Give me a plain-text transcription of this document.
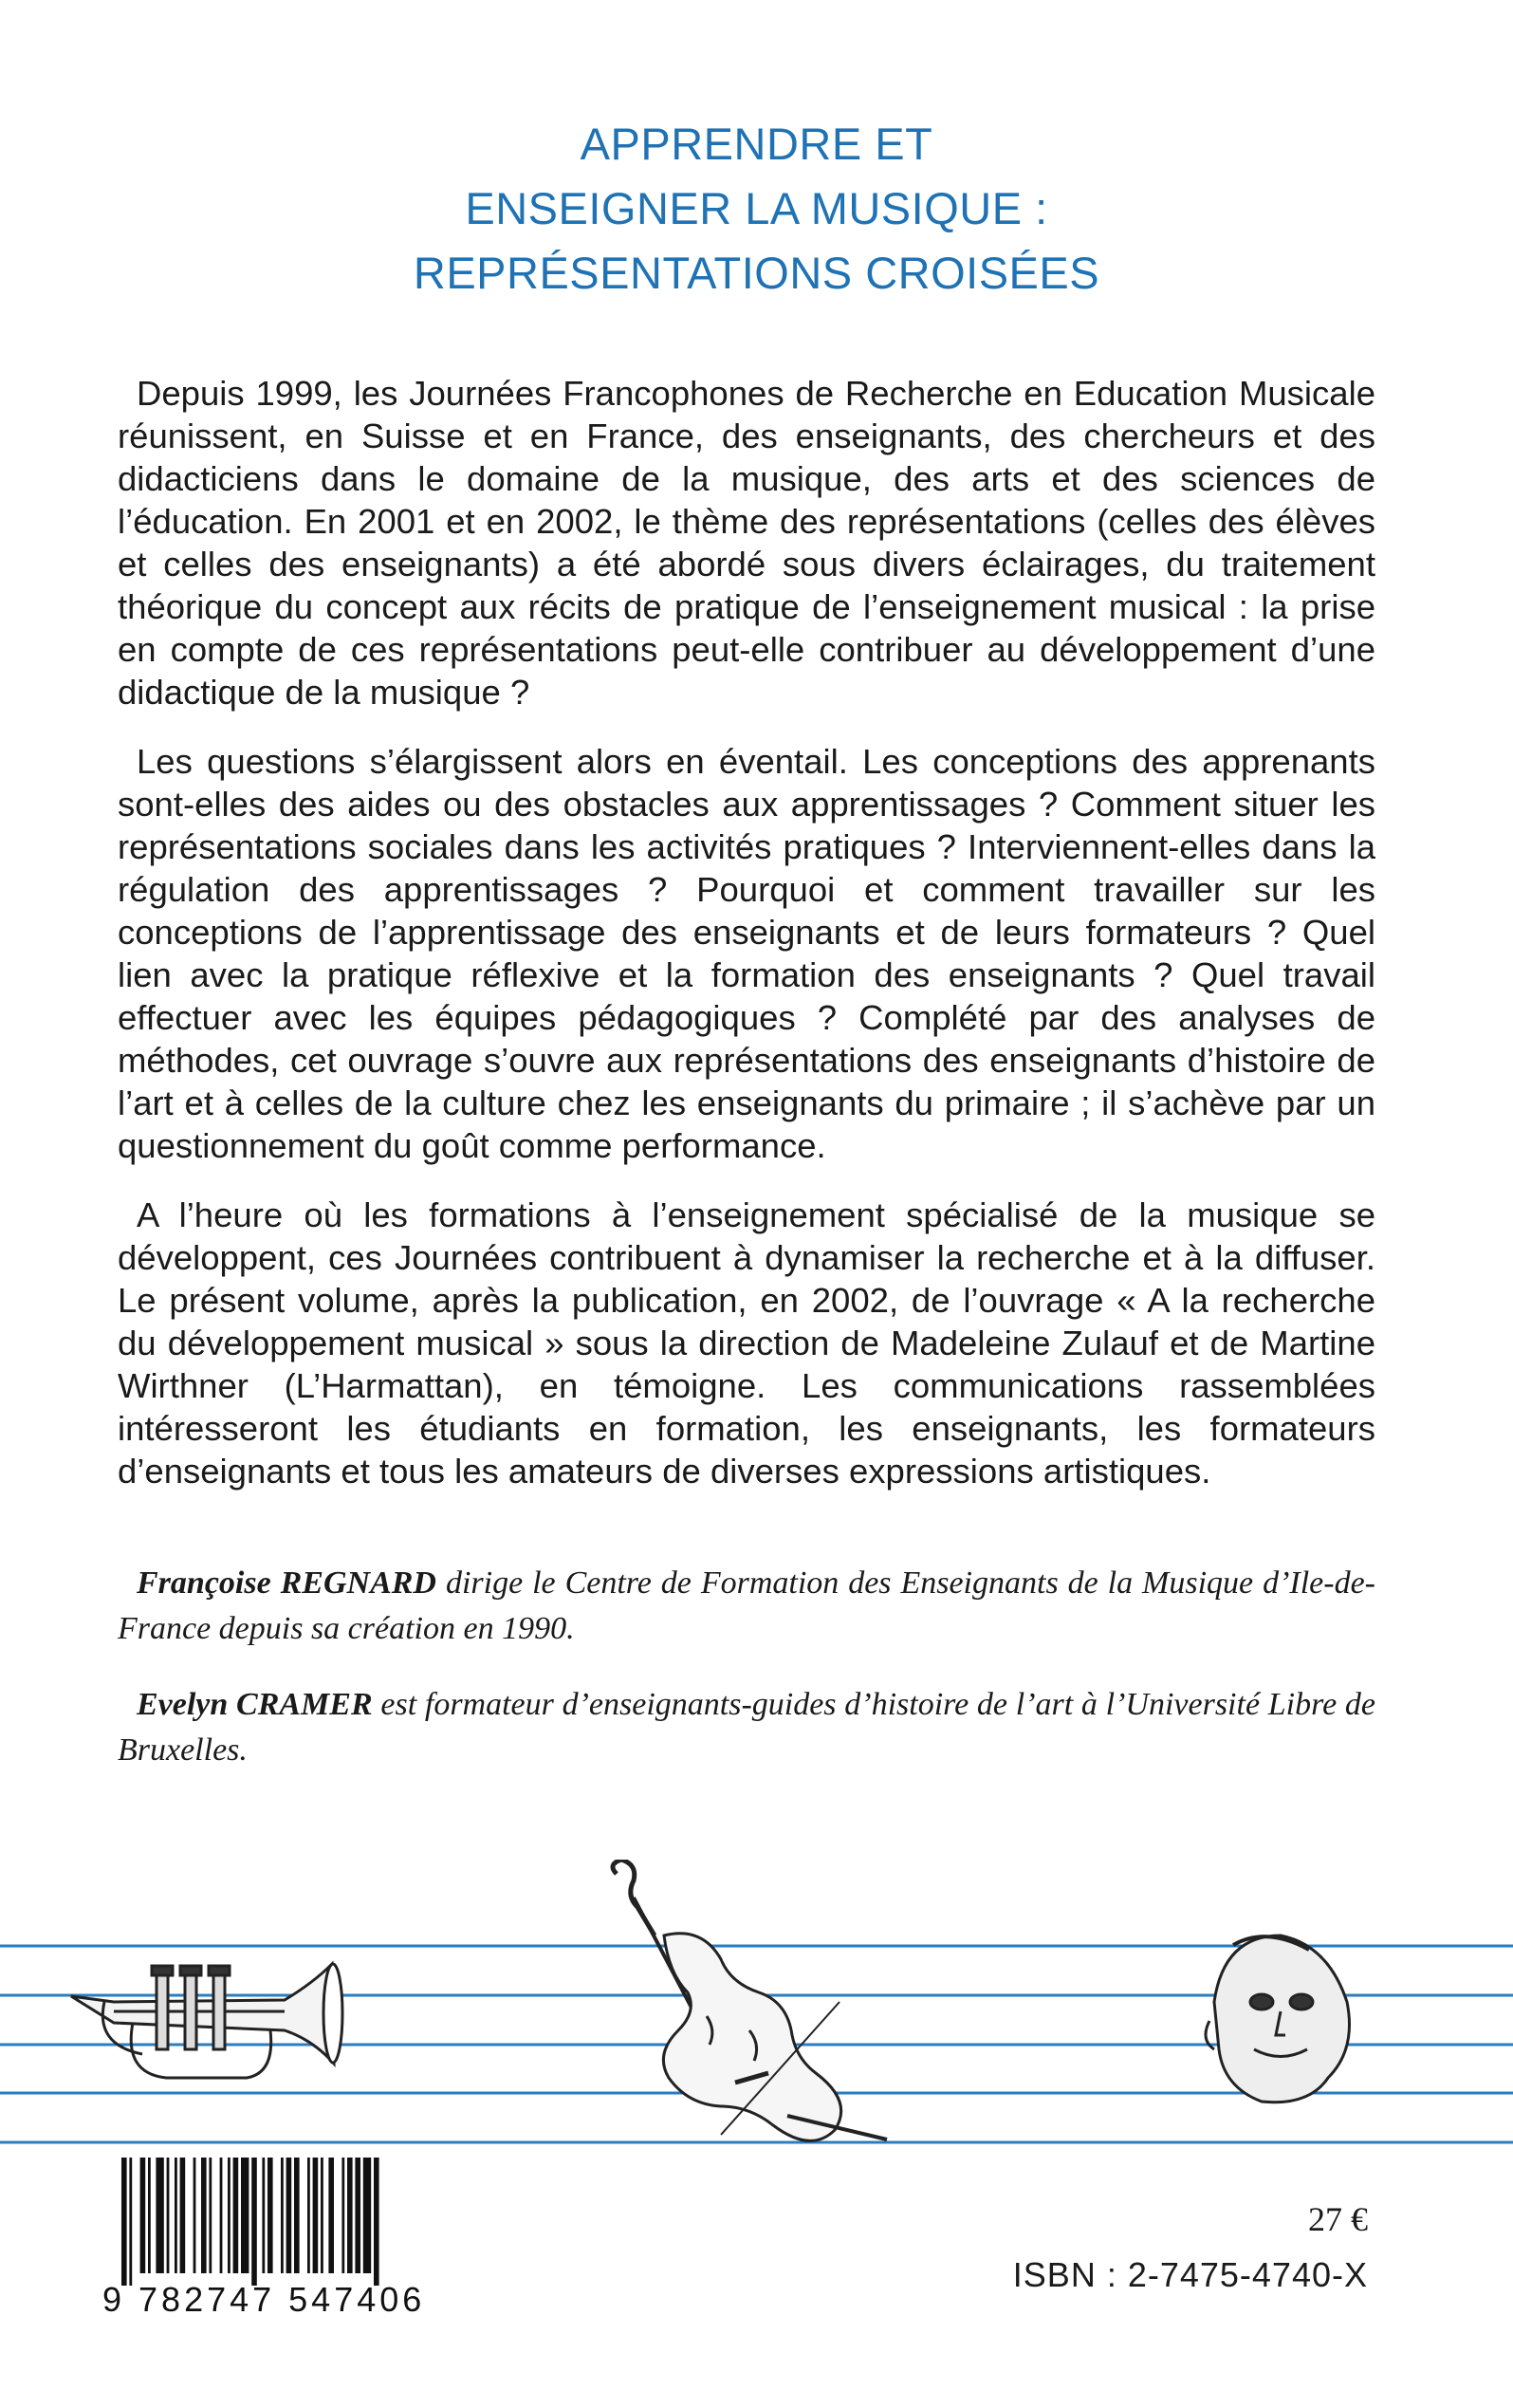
APPRENDRE ET
ENSEIGNER LA MUSIQUE :
REPRÉSENTATIONS CROISÉES

Depuis 1999, les Journées Francophones de Recherche en Education Musicale réunissent, en Suisse et en France, des enseignants, des chercheurs et des didacticiens dans le domaine de la musique, des arts et des sciences de l’éducation. En 2001 et en 2002, le thème des représentations (celles des élèves et celles des enseignants) a été abordé sous divers éclairages, du traitement théorique du concept aux récits de pratique de l’enseignement musical : la prise en compte de ces représentations peut-elle contribuer au développement d’une didactique de la musique ?

Les questions s’élargissent alors en éventail. Les conceptions des apprenants sont-elles des aides ou des obstacles aux apprentissages ? Comment situer les représentations sociales dans les activités pratiques ? Interviennent-elles dans la régulation des apprentissages ? Pourquoi et comment travailler sur les conceptions de l’apprentissage des enseignants et de leurs formateurs ? Quel lien avec la pratique réflexive et la formation des enseignants ? Quel travail effectuer avec les équipes pédagogiques ? Complété par des analyses de méthodes, cet ouvrage s’ouvre aux représentations des enseignants d’histoire de l’art et à celles de la culture chez les enseignants du primaire ; il s’achève par un questionnement du goût comme performance.

A l’heure où les formations à l’enseignement spécialisé de la musique se développent, ces Journées contribuent à dynamiser la recherche et à la diffuser. Le présent volume, après la publication, en 2002, de l’ouvrage « A la recherche du développement musical » sous la direction de Madeleine Zulauf et de Martine Wirthner (L’Harmattan), en témoigne. Les communications rassemblées intéresseront les étudiants en formation, les enseignants, les formateurs d’enseignants et tous les amateurs de diverses expressions artistiques.

Françoise REGNARD dirige le Centre de Formation des Enseignants de la Musique d’Ile-de-France depuis sa création en 1990.

Evelyn CRAMER est formateur d’enseignants-guides d’histoire de l’art à l’Université Libre de Bruxelles.

9 782747 547406
27 €
ISBN : 2-7475-4740-X
